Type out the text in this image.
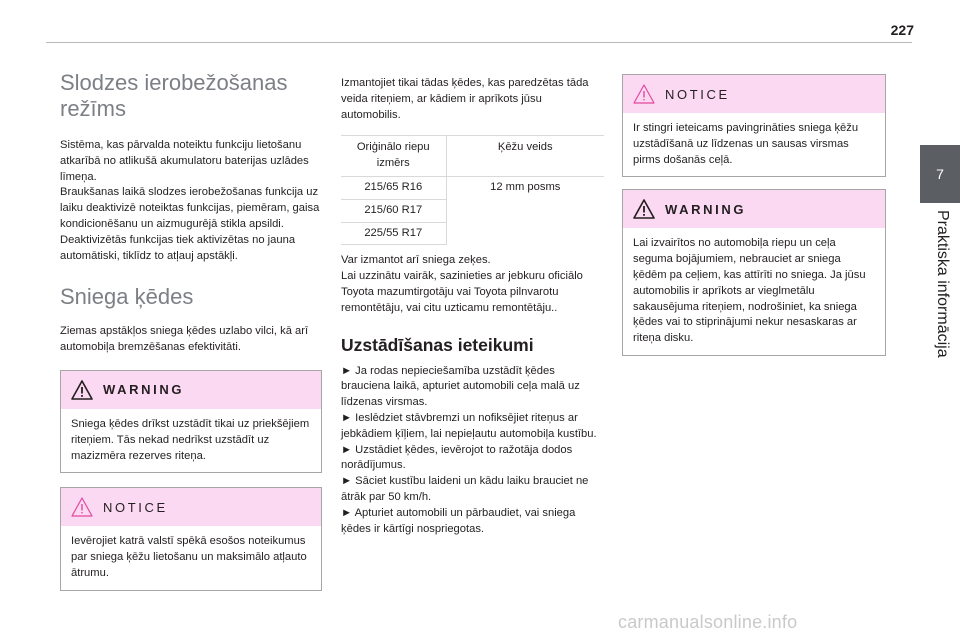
227
7
Praktiska informācija
Slodzes ierobežošanas režīms

Sistēma, kas pārvalda noteiktu funkciju lietošanu atkarībā no atlikušā akumulatoru baterijas uzlādes līmeņa.

Braukšanas laikā slodzes ierobežošanas funkcija uz laiku deaktivizē noteiktas funkcijas, piemēram, gaisa kondicionēšanu un aizmugurējā stikla apsildi.

Deaktivizētās funkcijas tiek aktivizētas no jauna automātiski, tiklīdz to atļauj apstākļi.

Sniega ķēdes

Ziemas apstākļos sniega ķēdes uzlabo vilci, kā arī automobiļa bremzēšanas efektivitāti.

WARNING
Sniega ķēdes drīkst uzstādīt tikai uz priekšējiem riteņiem. Tās nekad nedrīkst uzstādīt uz mazizmēra rezerves riteņa.
NOTICE
Ievērojiet katrā valstī spēkā esošos noteikumus par sniega ķēžu lietošanu un maksimālo atļauto ātrumu.

Izmantojiet tikai tādas ķēdes, kas paredzētas tāda veida riteņiem, ar kādiem ir aprīkots jūsu automobilis.

Oriģinālo riepu izmērs	Ķēžu veids
215/65 R16	12 mm posms
215/60 R17	
225/55 R17	

Var izmantot arī sniega zeķes.

Lai uzzinātu vairāk, sazinieties ar jebkuru oficiālo Toyota mazumtirgotāju vai Toyota pilnvarotu remontētāju, vai citu uzticamu remontētāju..

Uzstādīšanas ieteikumi

► Ja rodas nepieciešamība uzstādīt ķēdes brauciena laikā, apturiet automobili ceļa malā uz līdzenas virsmas.

► Ieslēdziet stāvbremzi un nofiksējiet riteņus ar jebkādiem ķīļiem, lai nepieļautu automobiļa kustību.

► Uzstādiet ķēdes, ievērojot to ražotāja dodos norādījumus.

► Sāciet kustību laideni un kādu laiku brauciet ne ātrāk par 50 km/h.

► Apturiet automobili un pārbaudiet, vai sniega ķēdes ir kārtīgi nospriegotas.

NOTICE
Ir stingri ieteicams pavingrināties sniega ķēžu uzstādīšanā uz līdzenas un sausas virsmas pirms došanās ceļā.
WARNING
Lai izvairītos no automobiļa riepu un ceļa seguma bojājumiem, nebrauciet ar sniega ķēdēm pa ceļiem, kas attīrīti no sniega. Ja jūsu automobilis ir aprīkots ar vieglmetālu sakausējuma riteņiem, nodrošiniet, ka sniega ķēdes vai to stiprinājumi nekur nesaskaras ar riteņa disku.
carmanualsonline.info
